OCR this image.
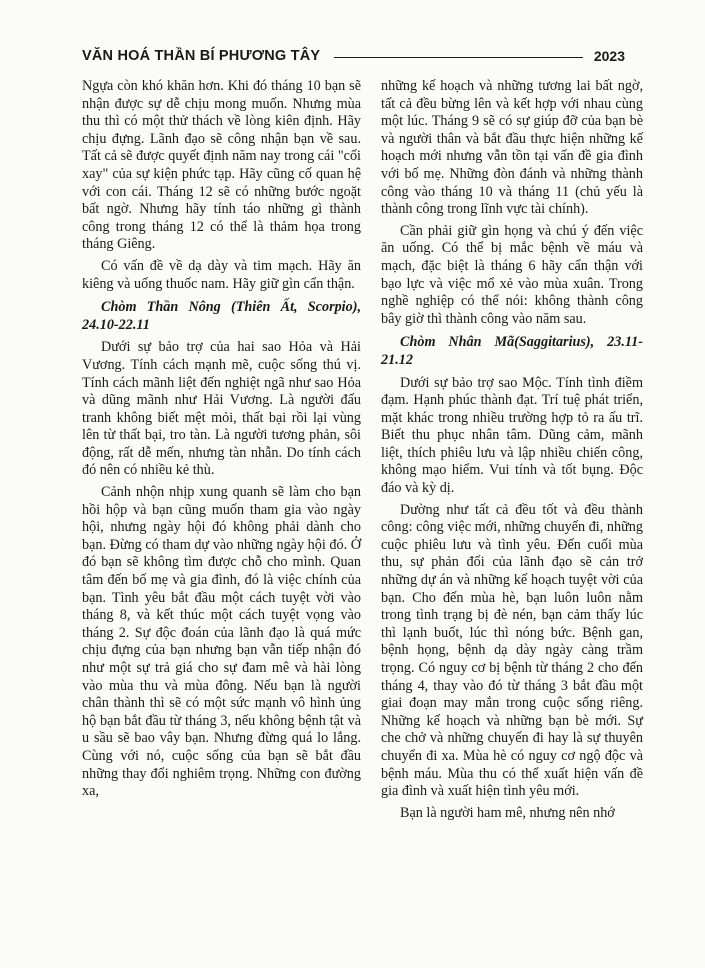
VĂN HOÁ THẦN BÍ PHƯƠNG TÂY	2023

Ngựa còn khó khăn hơn. Khi đó tháng 10 bạn sẽ nhận được sự dễ chịu mong muốn. Nhưng mùa thu thì có một thử thách về lòng kiên định. Hãy chịu đựng. Lãnh đạo sẽ công nhận bạn về sau. Tất cả sẽ được quyết định năm nay trong cái "cối xay" của sự kiện phức tạp. Hãy cũng cố quan hệ với con cái. Tháng 12 sẽ có những bước ngoặt bất ngờ. Nhưng hãy tính táo những gì thành công trong tháng 12 có thể là thảm họa trong tháng Giêng.

Có vấn đề về dạ dày và tim mạch. Hãy ăn kiêng và uống thuốc nam. Hãy giữ gìn cẩn thận.

Chòm Thần Nông (Thiên Ất, Scorpio), 24.10-22.11

Dưới sự bảo trợ của hai sao Hỏa và Hải Vương. Tính cách mạnh mẽ, cuộc sống thú vị. Tính cách mãnh liệt đến nghiệt ngã như sao Hỏa và dũng mãnh như Hải Vương. Là người đấu tranh không biết mệt mỏi, thất bại rồi lại vùng lên từ thất bại, tro tàn. Là người tương phản, sôi động, rất dễ mến, nhưng tàn nhẫn. Do tính cách đó nên có nhiều kẻ thù.

Cảnh nhộn nhịp xung quanh sẽ làm cho bạn hồi hộp và bạn cũng muốn tham gia vào ngày hội, nhưng ngày hội đó không phải dành cho bạn. Đừng có tham dự vào những ngày hội đó. Ở đó bạn sẽ không tìm được chỗ cho mình. Quan tâm đến bố mẹ và gia đình, đó là việc chính của bạn. Tình yêu bắt đầu một cách tuyệt vời vào tháng 8, và kết thúc một cách tuyệt vọng vào tháng 2. Sự độc đoán của lãnh đạo là quá mức chịu đựng của bạn nhưng bạn vẫn tiếp nhận đó như một sự trả giá cho sự đam mê và hài lòng vào mùa thu và mùa đông. Nếu bạn là người chân thành thì sẽ có một sức mạnh vô hình ủng hộ bạn bắt đầu từ tháng 3, nếu không bệnh tật và u sầu sẽ bao vây bạn. Nhưng đừng quá lo lắng. Cùng với nó, cuộc sống của bạn sẽ bắt đầu những thay đổi nghiêm trọng. Những con đường xa,

những kế hoạch và những tương lai bất ngờ, tất cả đều bừng lên và kết hợp với nhau cùng một lúc. Tháng 9 sẽ có sự giúp đỡ của bạn bè và người thân và bắt đầu thực hiện những kế hoạch mới nhưng vẫn tồn tại vấn đề gia đình với bố mẹ. Những đòn đánh và những thành công vào tháng 10 và tháng 11 (chủ yếu là thành công trong lĩnh vực tài chính).

Cần phải giữ gìn họng và chú ý đến việc ăn uống. Có thể bị mắc bệnh về máu và mạch, đặc biệt là tháng 6 hãy cẩn thận với bạo lực và việc mổ xẻ vào mùa xuân. Trong nghề nghiệp có thể nói: không thành công bây giờ thì thành công vào năm sau.

Chòm Nhân Mã(Saggitarius), 23.11-21.12

Dưới sự bảo trợ sao Mộc. Tính tình điềm đạm. Hạnh phúc thành đạt. Trí tuệ phát triển, mặt khác trong nhiều trường hợp tỏ ra ấu trĩ. Biết thu phục nhân tâm. Dũng cảm, mãnh liệt, thích phiêu lưu và lập nhiều chiến công, không mạo hiểm. Vui tính và tốt bụng. Độc đáo và kỳ dị.

Dường như tất cả đều tốt và đều thành công: công việc mới, những chuyến đi, những cuộc phiêu lưu và tình yêu. Đến cuối mùa thu, sự phản đối của lãnh đạo sẽ cản trở những dự án và những kế hoạch tuyệt vời của bạn. Cho đến mùa hè, bạn luôn luôn nằm trong tình trạng bị đè nén, bạn cảm thấy lúc thì lạnh buốt, lúc thì nóng bức. Bệnh gan, bệnh họng, bệnh dạ dày ngày càng trầm trọng. Có nguy cơ bị bệnh từ tháng 2 cho đến tháng 4, thay vào đó từ tháng 3 bắt đầu một giai đoạn may mắn trong cuộc sống riêng. Những kế hoạch và những bạn bè mới. Sự che chở và những chuyến đi hay là sự thuyên chuyển đi xa. Mùa hè có nguy cơ ngộ độc và bệnh máu. Mùa thu có thể xuất hiện vấn đề gia đình và xuất hiện tình yêu mới.

Bạn là người ham mê, nhưng nên nhớ
